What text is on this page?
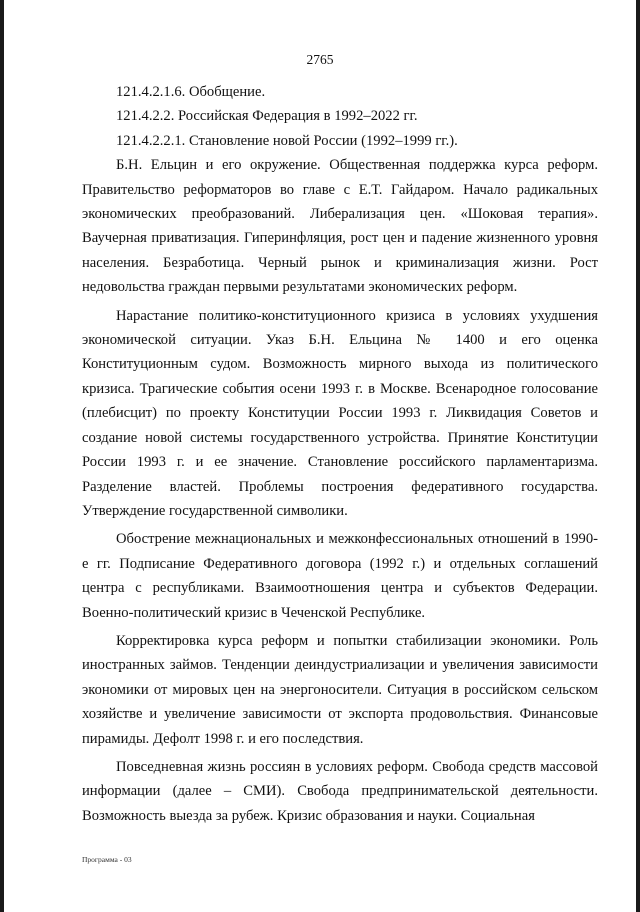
2765

121.4.2.1.6. Обобщение.

121.4.2.2. Российская Федерация в 1992–2022 гг.

121.4.2.2.1. Становление новой России (1992–1999 гг.).

Б.Н. Ельцин и его окружение. Общественная поддержка курса реформ. Правительство реформаторов во главе с Е.Т. Гайдаром. Начало радикальных экономических преобразований. Либерализация цен. «Шоковая терапия». Ваучерная приватизация. Гиперинфляция, рост цен и падение жизненного уровня населения. Безработица. Черный рынок и криминализация жизни. Рост недовольства граждан первыми результатами экономических реформ.

Нарастание политико-конституционного кризиса в условиях ухудшения экономической ситуации. Указ Б.Н. Ельцина № 1400 и его оценка Конституционным судом. Возможность мирного выхода из политического кризиса. Трагические события осени 1993 г. в Москве. Всенародное голосование (плебисцит) по проекту Конституции России 1993 г. Ликвидация Советов и создание новой системы государственного устройства. Принятие Конституции России 1993 г. и ее значение. Становление российского парламентаризма. Разделение властей. Проблемы построения федеративного государства. Утверждение государственной символики.

Обострение межнациональных и межконфессиональных отношений в 1990-е гг. Подписание Федеративного договора (1992 г.) и отдельных соглашений центра с республиками. Взаимоотношения центра и субъектов Федерации. Военно-политический кризис в Чеченской Республике.

Корректировка курса реформ и попытки стабилизации экономики. Роль иностранных займов. Тенденции деиндустриализации и увеличения зависимости экономики от мировых цен на энергоносители. Ситуация в российском сельском хозяйстве и увеличение зависимости от экспорта продовольствия. Финансовые пирамиды. Дефолт 1998 г. и его последствия.

Повседневная жизнь россиян в условиях реформ. Свобода средств массовой информации (далее – СМИ). Свобода предпринимательской деятельности. Возможность выезда за рубеж. Кризис образования и науки. Социальная

Программа - 03
